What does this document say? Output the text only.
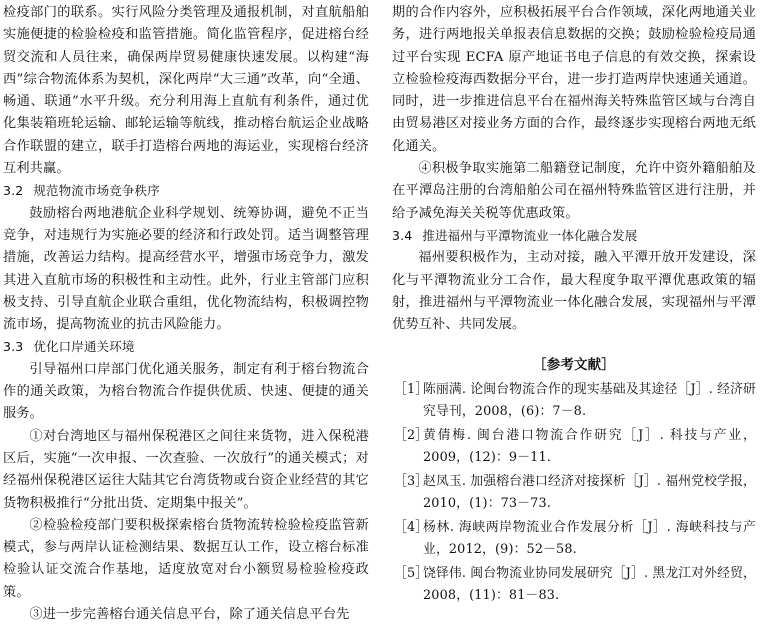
检疫部门的联系。实行风险分类管理及通报机制，对直航船舶实施便捷的检验检疫和监管措施。简化监管程序，促进榕台经贸交流和人员往来，确保两岸贸易健康快速发展。以构建“海西”综合物流体系为契机，深化两岸“大三通”改革，向“全通、畅通、联通”水平升级。充分利用海上直航有利条件，通过优化集装箱班轮运输、邮轮运输等航线，推动榕台航运企业战略合作联盟的建立，联手打造榕台两地的海运业，实现榕台经济互利共赢。

3.2 规范物流市场竞争秩序

鼓励榕台两地港航企业科学规划、统筹协调，避免不正当竞争，对违规行为实施必要的经济和行政处罚。适当调整管理措施，改善运力结构。提高经营水平，增强市场竞争力，激发其进入直航市场的积极性和主动性。此外，行业主管部门应积极支持、引导直航企业联合重组，优化物流结构，积极调控物流市场，提高物流业的抗击风险能力。

3.3 优化口岸通关环境

引导福州口岸部门优化通关服务，制定有利于榕台物流合作的通关政策，为榕台物流合作提供优质、快速、便捷的通关服务。

①对台湾地区与福州保税港区之间往来货物，进入保税港区后，实施“一次申报、一次查验、一次放行”的通关模式；对经福州保税港区运往大陆其它台湾货物或台资企业经营的其它货物积极推行“分批出货、定期集中报关”。

②检验检疫部门要积极探索榕台货物流转检验检疫监管新模式，参与两岸认证检测结果、数据互认工作，设立榕台标准检验认证交流合作基地，适度放宽对台小额贸易检验检疫政策。

③进一步完善榕台通关信息平台，除了通关信息平台先

期的合作内容外，应积极拓展平台合作领域，深化两地通关业务，进行两地报关单报表信息数据的交换；鼓励检验检疫局通过平台实现 ECFA 原产地证书电子信息的有效交换，探索设立检验检疫海西数据分平台，进一步打造两岸快速通关通道。同时，进一步推进信息平台在福州海关特殊监管区域与台湾自由贸易港区对接业务方面的合作，最终逐步实现榕台两地无纸化通关。

④积极争取实施第二船籍登记制度，允许中资外籍船舶及在平潭岛注册的台湾船舶公司在福州特殊监管区进行注册，并给予减免海关关税等优惠政策。

3.4 推进福州与平潭物流业一体化融合发展

福州要积极作为，主动对接，融入平潭开放开发建设，深化与平潭物流业分工合作，最大程度争取平潭优惠政策的辐射，推进福州与平潭物流业一体化融合发展，实现福州与平潭优势互补、共同发展。

［参考文献］
［1］
陈丽满. 论闽台物流合作的现实基础及其途径［J］. 经济研究导刊，2008，(6)：7－8.
［2］
黄倩梅. 闽台港口物流合作研究［J］. 科技与产业，2009，(12)：9－11.
［3］
赵凤玉. 加强榕台港口经济对接探析［J］. 福州党校学报，2010，(1)：73－73.
［4］
杨林. 海峡两岸物流业合作发展分析［J］. 海峡科技与产业，2012，(9)：52－58.
［5］
饶铎伟. 闽台物流业协同发展研究［J］. 黑龙江对外经贸，2008，(11)：81－83.
